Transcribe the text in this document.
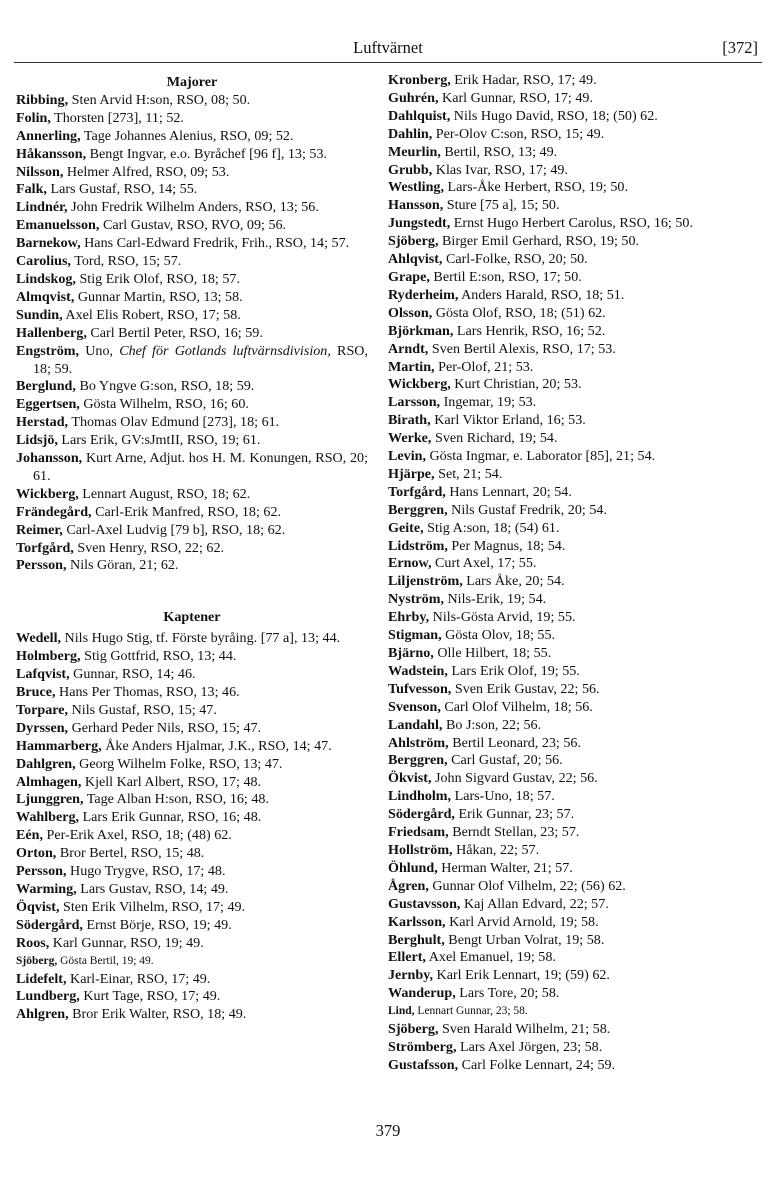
Luftvärnet	[372]
Majorer
Ribbing, Sten Arvid H:son, RSO, 08; 50.
Folin, Thorsten [273], 11; 52.
Annerling, Tage Johannes Alenius, RSO, 09; 52.
Håkansson, Bengt Ingvar, e.o. Byråchef [96 f], 13; 53.
Nilsson, Helmer Alfred, RSO, 09; 53.
Falk, Lars Gustaf, RSO, 14; 55.
Lindnér, John Fredrik Wilhelm Anders, RSO, 13; 56.
Emanuelsson, Carl Gustav, RSO, RVO, 09; 56.
Barnekow, Hans Carl-Edward Fredrik, Frih., RSO, 14; 57.
Carolius, Tord, RSO, 15; 57.
Lindskog, Stig Erik Olof, RSO, 18; 57.
Almqvist, Gunnar Martin, RSO, 13; 58.
Sundin, Axel Elis Robert, RSO, 17; 58.
Hallenberg, Carl Bertil Peter, RSO, 16; 59.
Engström, Uno, Chef för Gotlands luftvärnsdivision, RSO, 18; 59.
Berglund, Bo Yngve G:son, RSO, 18; 59.
Eggertsen, Gösta Wilhelm, RSO, 16; 60.
Herstad, Thomas Olav Edmund [273], 18; 61.
Lidsjö, Lars Erik, GV:sJmtII, RSO, 19; 61.
Johansson, Kurt Arne, Adjut. hos H. M. Konungen, RSO, 20; 61.
Wickberg, Lennart August, RSO, 18; 62.
Frändegård, Carl-Erik Manfred, RSO, 18; 62.
Reimer, Carl-Axel Ludvig [79 b], RSO, 18; 62.
Torfgård, Sven Henry, RSO, 22; 62.
Persson, Nils Göran, 21; 62.
Kaptener
Wedell, Nils Hugo Stig, tf. Förste byråing. [77 a], 13; 44.
Holmberg, Stig Gottfrid, RSO, 13; 44.
Lafqvist, Gunnar, RSO, 14; 46.
Bruce, Hans Per Thomas, RSO, 13; 46.
Torpare, Nils Gustaf, RSO, 15; 47.
Dyrssen, Gerhard Peder Nils, RSO, 15; 47.
Hammarberg, Åke Anders Hjalmar, J.K., RSO, 14; 47.
Dahlgren, Georg Wilhelm Folke, RSO, 13; 47.
Almhagen, Kjell Karl Albert, RSO, 17; 48.
Ljunggren, Tage Alban H:son, RSO, 16; 48.
Wahlberg, Lars Erik Gunnar, RSO, 16; 48.
Eén, Per-Erik Axel, RSO, 18; (48) 62.
Orton, Bror Bertel, RSO, 15; 48.
Persson, Hugo Trygve, RSO, 17; 48.
Warming, Lars Gustav, RSO, 14; 49.
Öqvist, Sten Erik Vilhelm, RSO, 17; 49.
Södergård, Ernst Börje, RSO, 19; 49.
Roos, Karl Gunnar, RSO, 19; 49.
Sjöberg, Gösta Bertil, 19; 49.
Lidefelt, Karl-Einar, RSO, 17; 49.
Lundberg, Kurt Tage, RSO, 17; 49.
Ahlgren, Bror Erik Walter, RSO, 18; 49.
Kronberg, Erik Hadar, RSO, 17; 49.
Guhrén, Karl Gunnar, RSO, 17; 49.
Dahlquist, Nils Hugo David, RSO, 18; (50) 62.
Dahlin, Per-Olov C:son, RSO, 15; 49.
Meurlin, Bertil, RSO, 13; 49.
Grubb, Klas Ivar, RSO, 17; 49.
Westling, Lars-Åke Herbert, RSO, 19; 50.
Hansson, Sture [75 a], 15; 50.
Jungstedt, Ernst Hugo Herbert Carolus, RSO, 16; 50.
Sjöberg, Birger Emil Gerhard, RSO, 19; 50.
Ahlqvist, Carl-Folke, RSO, 20; 50.
Grape, Bertil E:son, RSO, 17; 50.
Ryderheim, Anders Harald, RSO, 18; 51.
Olsson, Gösta Olof, RSO, 18; (51) 62.
Björkman, Lars Henrik, RSO, 16; 52.
Arndt, Sven Bertil Alexis, RSO, 17; 53.
Martin, Per-Olof, 21; 53.
Wickberg, Kurt Christian, 20; 53.
Larsson, Ingemar, 19; 53.
Birath, Karl Viktor Erland, 16; 53.
Werke, Sven Richard, 19; 54.
Levin, Gösta Ingmar, e. Laborator [85], 21; 54.
Hjärpe, Set, 21; 54.
Torfgård, Hans Lennart, 20; 54.
Berggren, Nils Gustaf Fredrik, 20; 54.
Geite, Stig A:son, 18; (54) 61.
Lidström, Per Magnus, 18; 54.
Ernow, Curt Axel, 17; 55.
Liljenström, Lars Åke, 20; 54.
Nyström, Nils-Erik, 19; 54.
Ehrby, Nils-Gösta Arvid, 19; 55.
Stigman, Gösta Olov, 18; 55.
Bjärno, Olle Hilbert, 18; 55.
Wadstein, Lars Erik Olof, 19; 55.
Tufvesson, Sven Erik Gustav, 22; 56.
Svenson, Carl Olof Vilhelm, 18; 56.
Landahl, Bo J:son, 22; 56.
Ahlström, Bertil Leonard, 23; 56.
Berggren, Carl Gustaf, 20; 56.
Ökvist, John Sigvard Gustav, 22; 56.
Lindholm, Lars-Uno, 18; 57.
Södergård, Erik Gunnar, 23; 57.
Friedsam, Berndt Stellan, 23; 57.
Hollström, Håkan, 22; 57.
Öhlund, Herman Walter, 21; 57.
Ågren, Gunnar Olof Vilhelm, 22; (56) 62.
Gustavsson, Kaj Allan Edvard, 22; 57.
Karlsson, Karl Arvid Arnold, 19; 58.
Berghult, Bengt Urban Volrat, 19; 58.
Ellert, Axel Emanuel, 19; 58.
Jernby, Karl Erik Lennart, 19; (59) 62.
Wanderup, Lars Tore, 20; 58.
Lind, Lennart Gunnar, 23; 58.
Sjöberg, Sven Harald Wilhelm, 21; 58.
Strömberg, Lars Axel Jörgen, 23; 58.
Gustafsson, Carl Folke Lennart, 24; 59.
379
